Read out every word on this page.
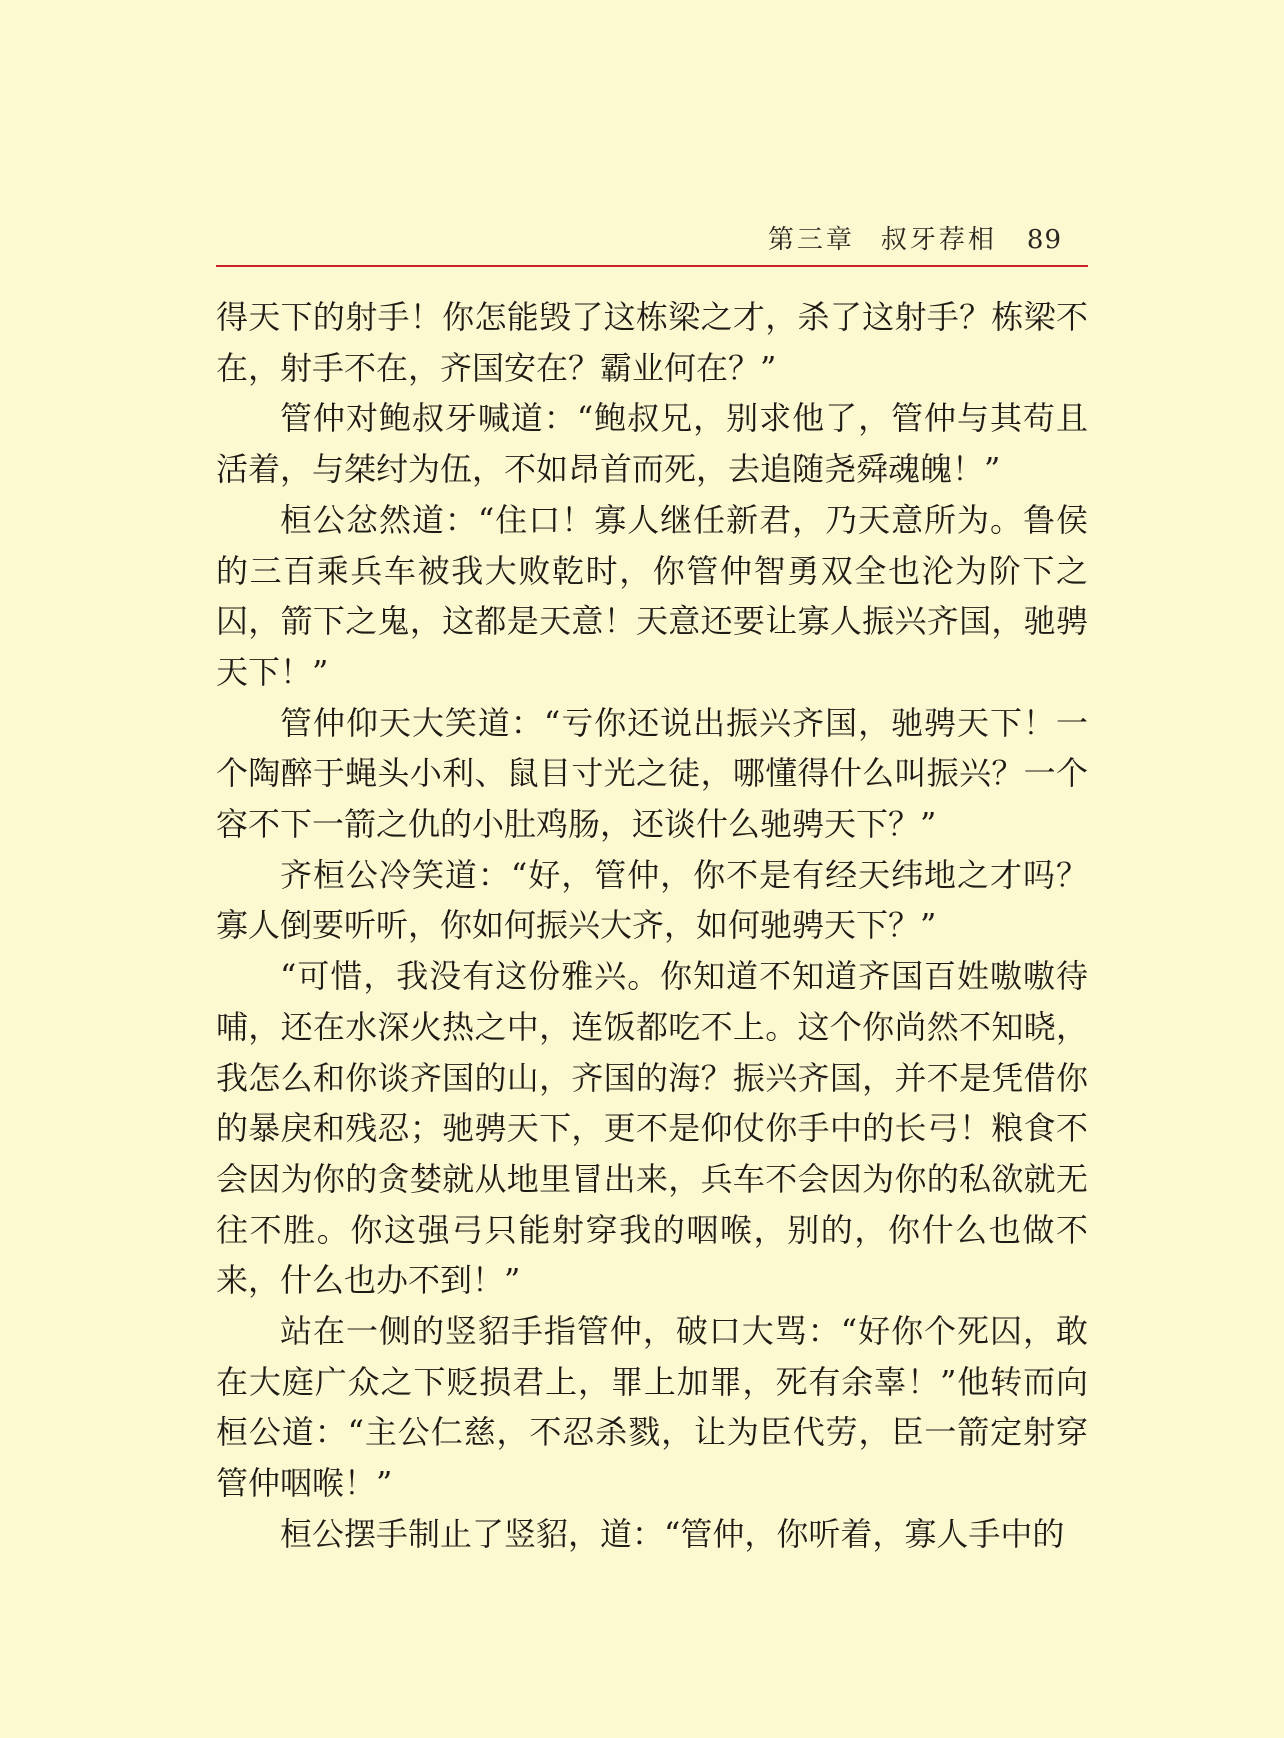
第三章 叔牙荐相 89

得天下的射手！你怎能毁了这栋梁之才，杀了这射手？栋梁不在，射手不在，齐国安在？霸业何在？”

管仲对鲍叔牙喊道：“鲍叔兄，别求他了，管仲与其苟且活着，与桀纣为伍，不如昂首而死，去追随尧舜魂魄！”

桓公忿然道：“住口！寡人继任新君，乃天意所为。鲁侯的三百乘兵车被我大败乾时，你管仲智勇双全也沦为阶下之囚，箭下之鬼，这都是天意！天意还要让寡人振兴齐国，驰骋天下！”

管仲仰天大笑道：“亏你还说出振兴齐国，驰骋天下！一个陶醉于蝇头小利、鼠目寸光之徒，哪懂得什么叫振兴？一个容不下一箭之仇的小肚鸡肠，还谈什么驰骋天下？”

齐桓公冷笑道：“好，管仲，你不是有经天纬地之才吗？寡人倒要听听，你如何振兴大齐，如何驰骋天下？”

“可惜，我没有这份雅兴。你知道不知道齐国百姓嗷嗷待哺，还在水深火热之中，连饭都吃不上。这个你尚然不知晓，我怎么和你谈齐国的山，齐国的海？振兴齐国，并不是凭借你的暴戾和残忍；驰骋天下，更不是仰仗你手中的长弓！粮食不会因为你的贪婪就从地里冒出来，兵车不会因为你的私欲就无往不胜。你这强弓只能射穿我的咽喉，别的，你什么也做不来，什么也办不到！”

站在一侧的竖貂手指管仲，破口大骂：“好你个死囚，敢在大庭广众之下贬损君上，罪上加罪，死有余辜！”他转而向桓公道：“主公仁慈，不忍杀戮，让为臣代劳，臣一箭定射穿管仲咽喉！”

桓公摆手制止了竖貂，道：“管仲，你听着，寡人手中的
